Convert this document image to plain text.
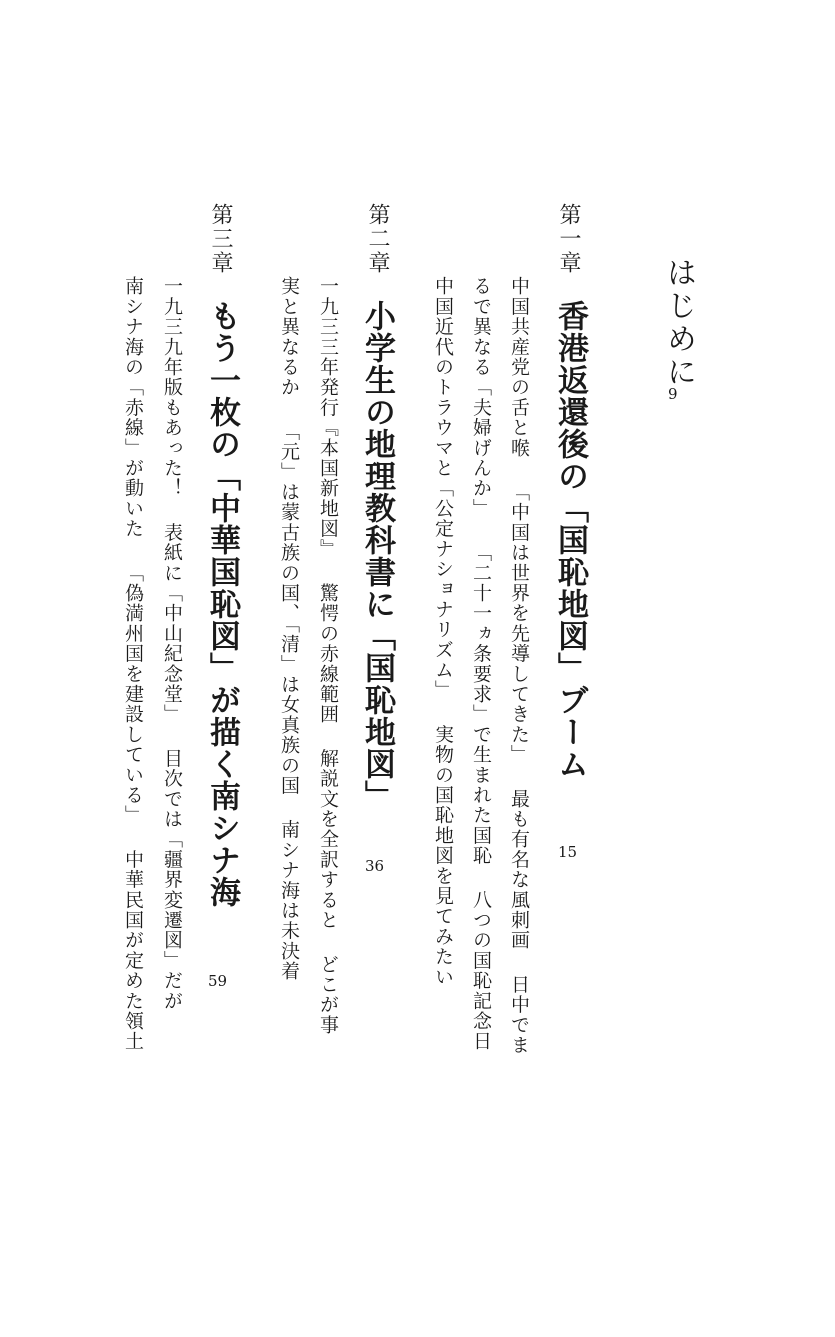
はじめに
9
第一章
香港返還後の「国恥地図」ブーム
15
中国共産党の舌と喉「中国は世界を先導してきた」最も有名な風刺画日中でま
るで異なる「夫婦げんか」「二十一ヵ条要求」で生まれた国恥八つの国恥記念日
中国近代のトラウマと「公定ナショナリズム」実物の国恥地図を見てみたい
第二章
小学生の地理教科書に「国恥地図」
36
一九三三年発行『本国新地図』驚愕の赤線範囲解説文を全訳するとどこが事
実と異なるか「元」は蒙古族の国、「清」は女真族の国南シナ海は未決着
第三章
もう一枚の「中華国恥図」が描く南シナ海
59
一九三九年版もあった！表紙に「中山紀念堂」目次では「疆界変遷図」だが
南シナ海の「赤線」が動いた「偽満州国を建設している」中華民国が定めた領土
